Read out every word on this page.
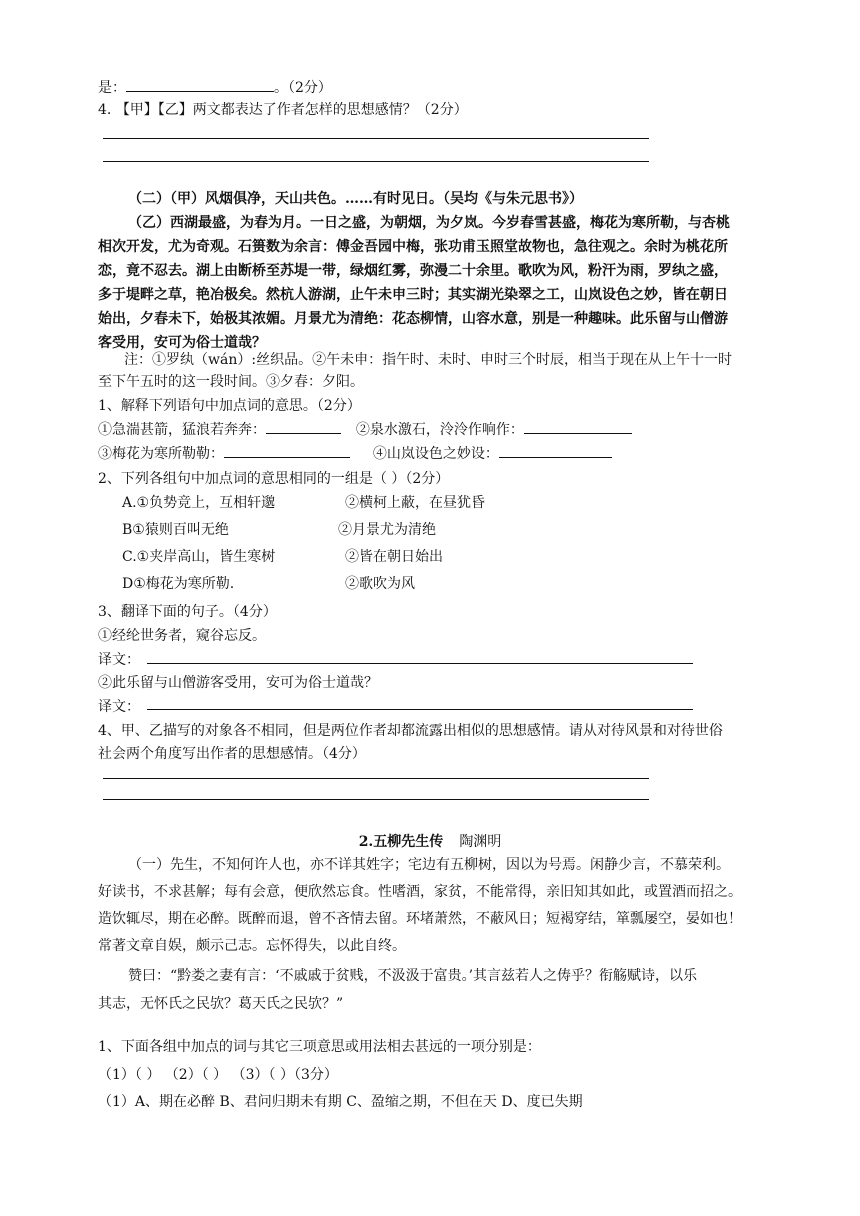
是：	。（2分）
4. 【甲】【乙】两文都表达了作者怎样的思想感情？（2分）
（二）（甲）风烟俱净，天山共色。……有时见日。（吴均《与朱元思书》）
（乙）西湖最盛，为春为月。一日之盛，为朝烟，为夕岚。今岁春雪甚盛，梅花为寒所勒，与杏桃
相次开发，尤为奇观。石篑数为余言：傅金吾园中梅，张功甫玉照堂故物也，急往观之。余时为桃花所
恋，竟不忍去。湖上由断桥至苏堤一带，绿烟红雾，弥漫二十余里。歌吹为风，粉汗为雨，罗纨之盛，
多于堤畔之草，艳冶极矣。然杭人游湖，止午未申三时；其实湖光染翠之工，山岚设色之妙，皆在朝日
始出，夕春未下，始极其浓媚。月景尤为清绝：花态柳情，山容水意，别是一种趣味。此乐留与山僧游
客受用，安可为俗士道哉？
注：①罗纨（wán）:丝织品。②午未申：指午时、未时、申时三个时辰，相当于现在从上午十一时
至下午五时的这一段时间。③夕春：夕阳。
1、解释下列语句中加点词的意思。（2分）
①急湍甚箭，猛浪若奔奔：	②泉水激石，泠泠作响作：
③梅花为寒所勒勒：	④山岚设色之妙设：
2、下列各组句中加点词的意思相同的一组是（ ）（2分）
A.①负势竞上，互相轩邈	②横柯上蔽，在昼犹昏
B①猿则百叫无绝	②月景尤为清绝
C.①夹岸高山，皆生寒树	②皆在朝日始出
D①梅花为寒所勒.	②歌吹为风
3、翻译下面的句子。（4分）
①经纶世务者，窥谷忘反。
译文：
②此乐留与山僧游客受用，安可为俗士道哉？
译文：
4、甲、乙描写的对象各不相同，但是两位作者却都流露出相似的思想感情。请从对待风景和对待世俗
社会两个角度写出作者的思想感情。（4分）
2.五柳先生传 陶渊明
（一）先生，不知何许人也，亦不详其姓字；宅边有五柳树，因以为号焉。闲静少言，不慕荣利。
好读书，不求甚解；每有会意，便欣然忘食。性嗜酒，家贫，不能常得，亲旧知其如此，或置酒而招之。
造饮辄尽，期在必醉。既醉而退，曾不吝情去留。环堵萧然，不蔽风日；短褐穿结，箪瓢屡空，晏如也！
常著文章自娱，颇示己志。忘怀得失，以此自终。
赞曰：“黔娄之妻有言：‘不戚戚于贫贱，不汲汲于富贵。’其言兹若人之俦乎？衔觞赋诗，以乐
其志，无怀氏之民欤？葛天氏之民欤？”
1、下面各组中加点的词与其它三项意思或用法相去甚远的一项分别是：
（1）（ ） （2）（ ） （3）（ ）（3分）
（1）A、期在必醉 B、君问归期未有期 C、盈缩之期，不但在天 D、度已失期
